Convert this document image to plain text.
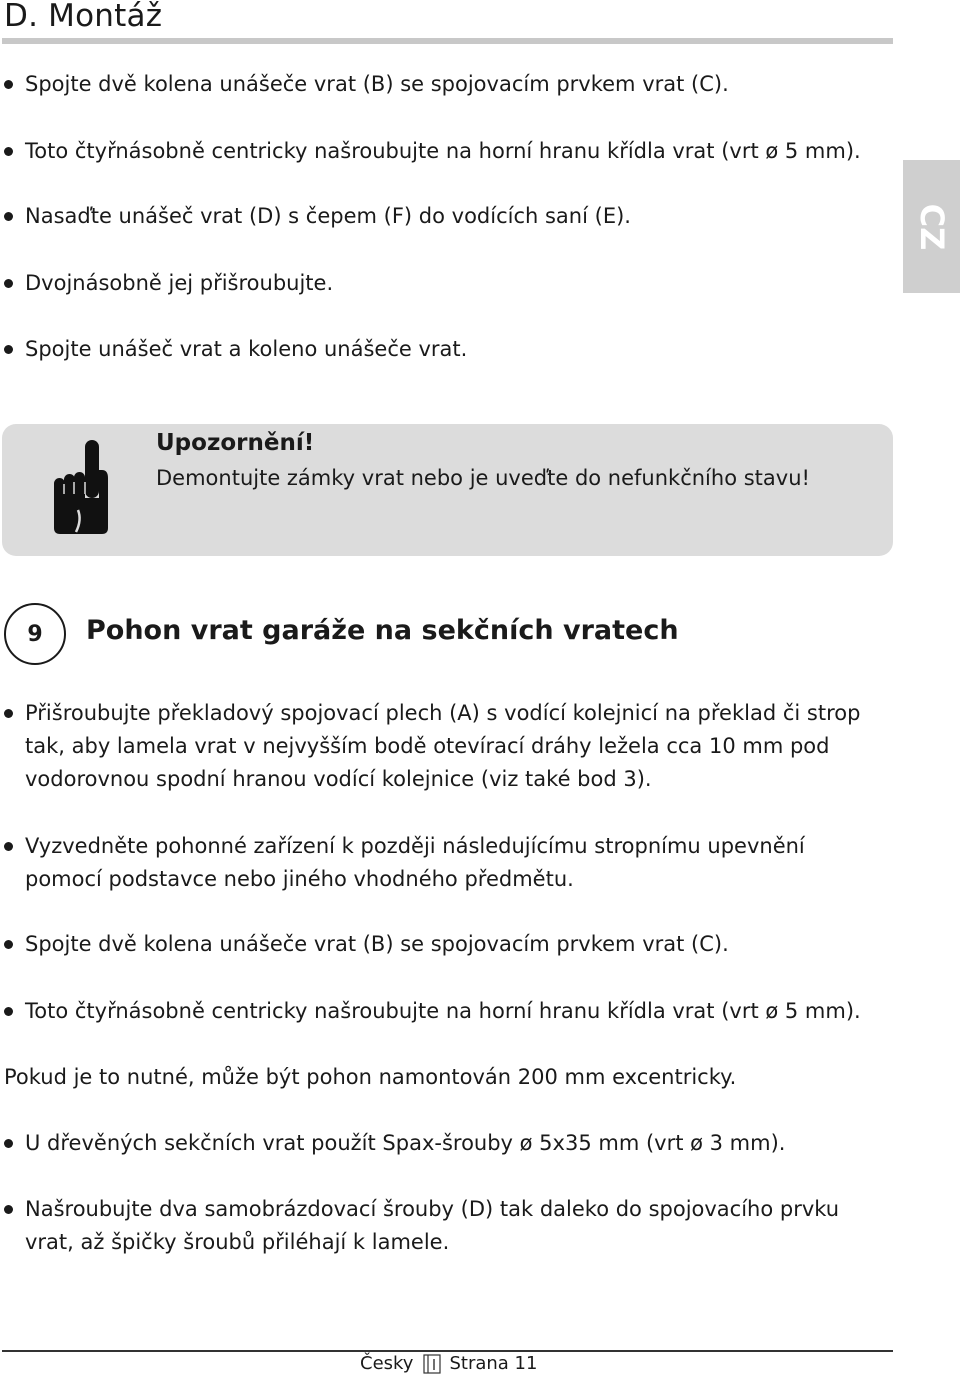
D. Montáž
CZ
Spojte dvě kolena unášeče vrat (B) se spojovacím prvkem vrat (C).
Toto čtyřnásobně centricky našroubujte na horní hranu křídla vrat (vrt ø 5 mm).
Nasaďte unášeč vrat (D) s čepem (F) do vodících saní (E).
Dvojnásobně jej přišroubujte.
Spojte unášeč vrat a koleno unášeče vrat.
Upozornění!
Demontujte zámky vrat nebo je uveďte do nefunkčního stavu!
9 Pohon vrat garáže na sekčních vratech
Přišroubujte překladový spojovací plech (A) s vodící kolejnicí na překlad či strop
tak, aby lamela vrat v nejvyšším bodě otevírací dráhy ležela cca 10 mm pod
vodorovnou spodní hranou vodící kolejnice (viz také bod 3).
Vyzvedněte pohonné zařízení k později následujícímu stropnímu upevnění
pomocí podstavce nebo jiného vhodného předmětu.
Spojte dvě kolena unášeče vrat (B) se spojovacím prvkem vrat (C).
Toto čtyřnásobně centricky našroubujte na horní hranu křídla vrat (vrt ø 5 mm).
Pokud je to nutné, může být pohon namontován 200 mm excentricky.
U dřevěných sekčních vrat použít Spax-šrouby ø 5x35 mm (vrt ø 3 mm).
Našroubujte dva samobrázdovací šrouby (D) tak daleko do spojovacího prvku
vrat, až špičky šroubů přiléhají k lamele.
Česky Strana 11
